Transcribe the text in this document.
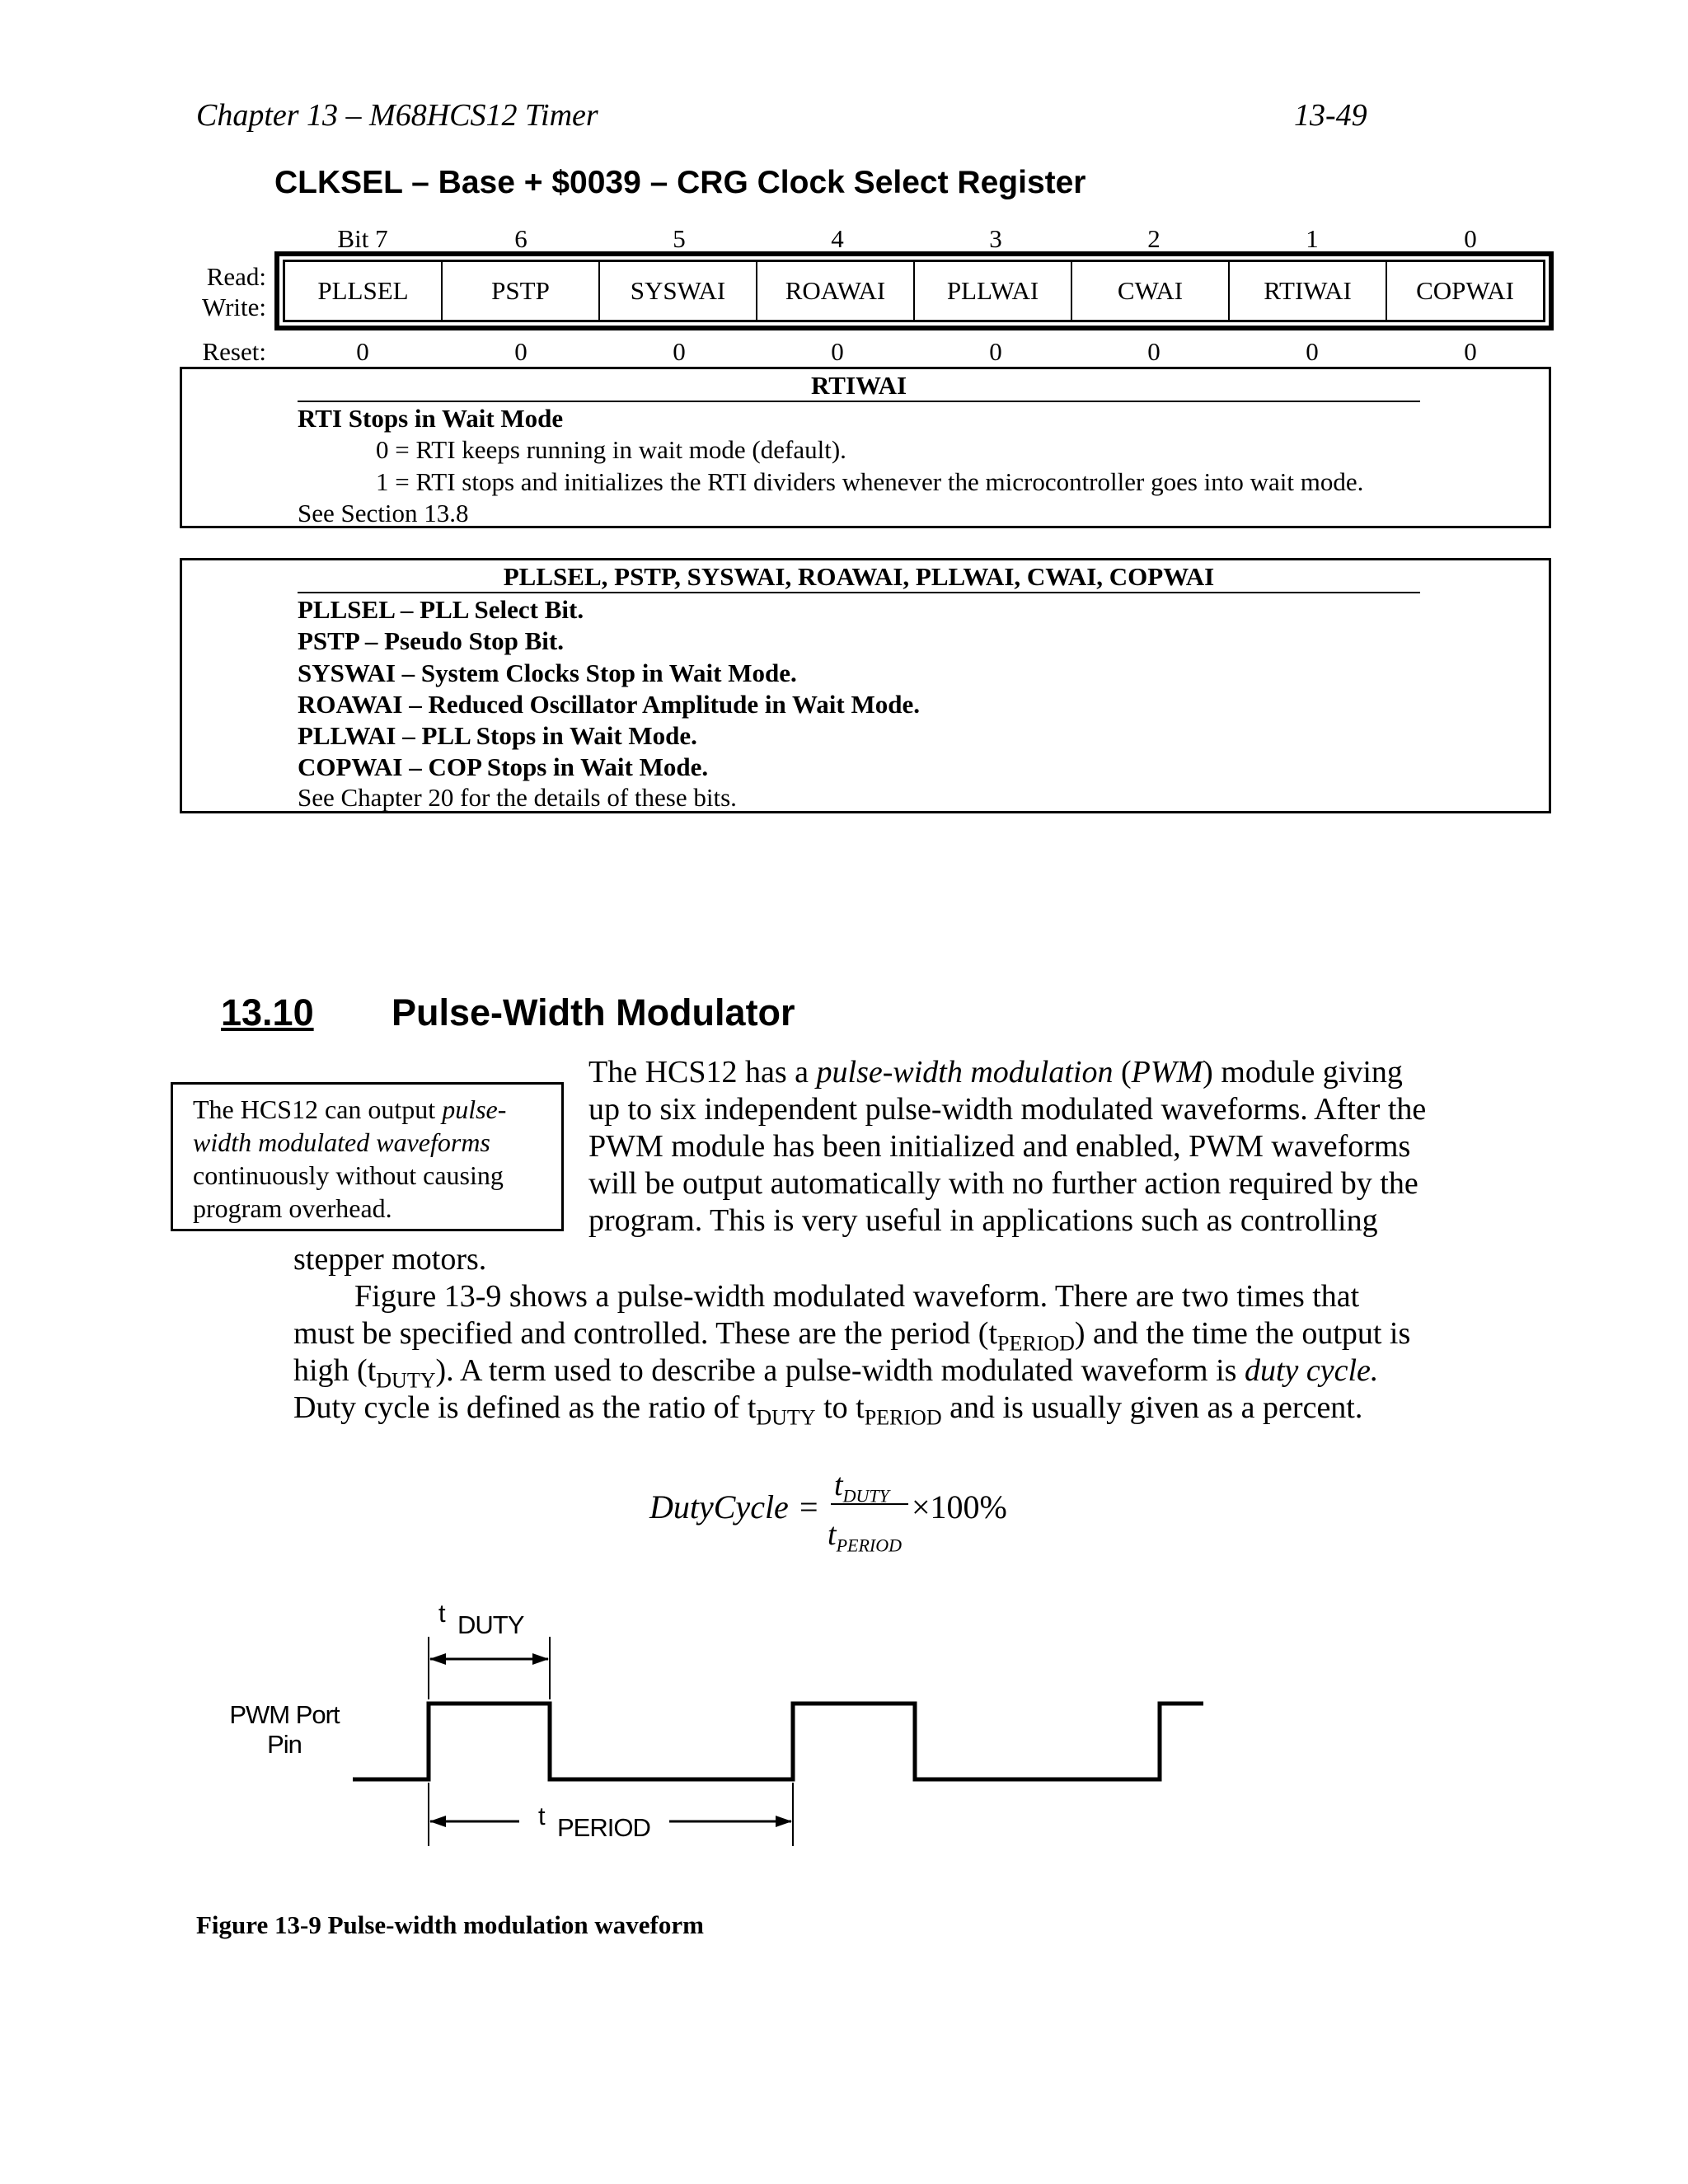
Chapter 13 – M68HCS12 Timer	13-49
CLKSEL – Base + $0039 – CRG Clock Select Register
Bit 7	6	5	4	3	2	1	0
Read:
Write:
PLLSEL	PSTP	SYSWAI	ROAWAI	PLLWAI	CWAI	RTIWAI	COPWAI
Reset:	0	0	0	0	0	0	0	0
RTIWAI
RTI Stops in Wait Mode
0 = RTI keeps running in wait mode (default).
1 = RTI stops and initializes the RTI dividers whenever the microcontroller goes into wait mode.
See Section 13.8
PLLSEL, PSTP, SYSWAI, ROAWAI, PLLWAI, CWAI, COPWAI
PLLSEL – PLL Select Bit.
PSTP – Pseudo Stop Bit.
SYSWAI – System Clocks Stop in Wait Mode.
ROAWAI – Reduced Oscillator Amplitude in Wait Mode.
PLLWAI – PLL Stops in Wait Mode.
COPWAI – COP Stops in Wait Mode.
See Chapter 20 for the details of these bits.
13.10 Pulse-Width Modulator
The HCS12 can output pulse-width modulated waveforms continuously without causing program overhead.
The HCS12 has a pulse-width modulation (PWM) module giving
up to six independent pulse-width modulated waveforms. After the
PWM module has been initialized and enabled, PWM waveforms
will be output automatically with no further action required by the
program. This is very useful in applications such as controlling
stepper motors.
Figure 13-9 shows a pulse-width modulated waveform. There are two times that
must be specified and controlled. These are the period $(t_{PERIOD})$ and the time the output is
high $(t_{DUTY})$. A term used to describe a pulse-width modulated waveform is duty cycle.
Duty cycle is defined as the ratio of $t_{DUTY}$ to $t_{PERIOD}$ and is usually given as a percent.
DutyCycle =
$t_{DUTY}$
$t_{PERIOD}$
×100%
t DUTY
t PERIOD
PWM Port
Pin
Figure 13-9 Pulse-width modulation waveform
